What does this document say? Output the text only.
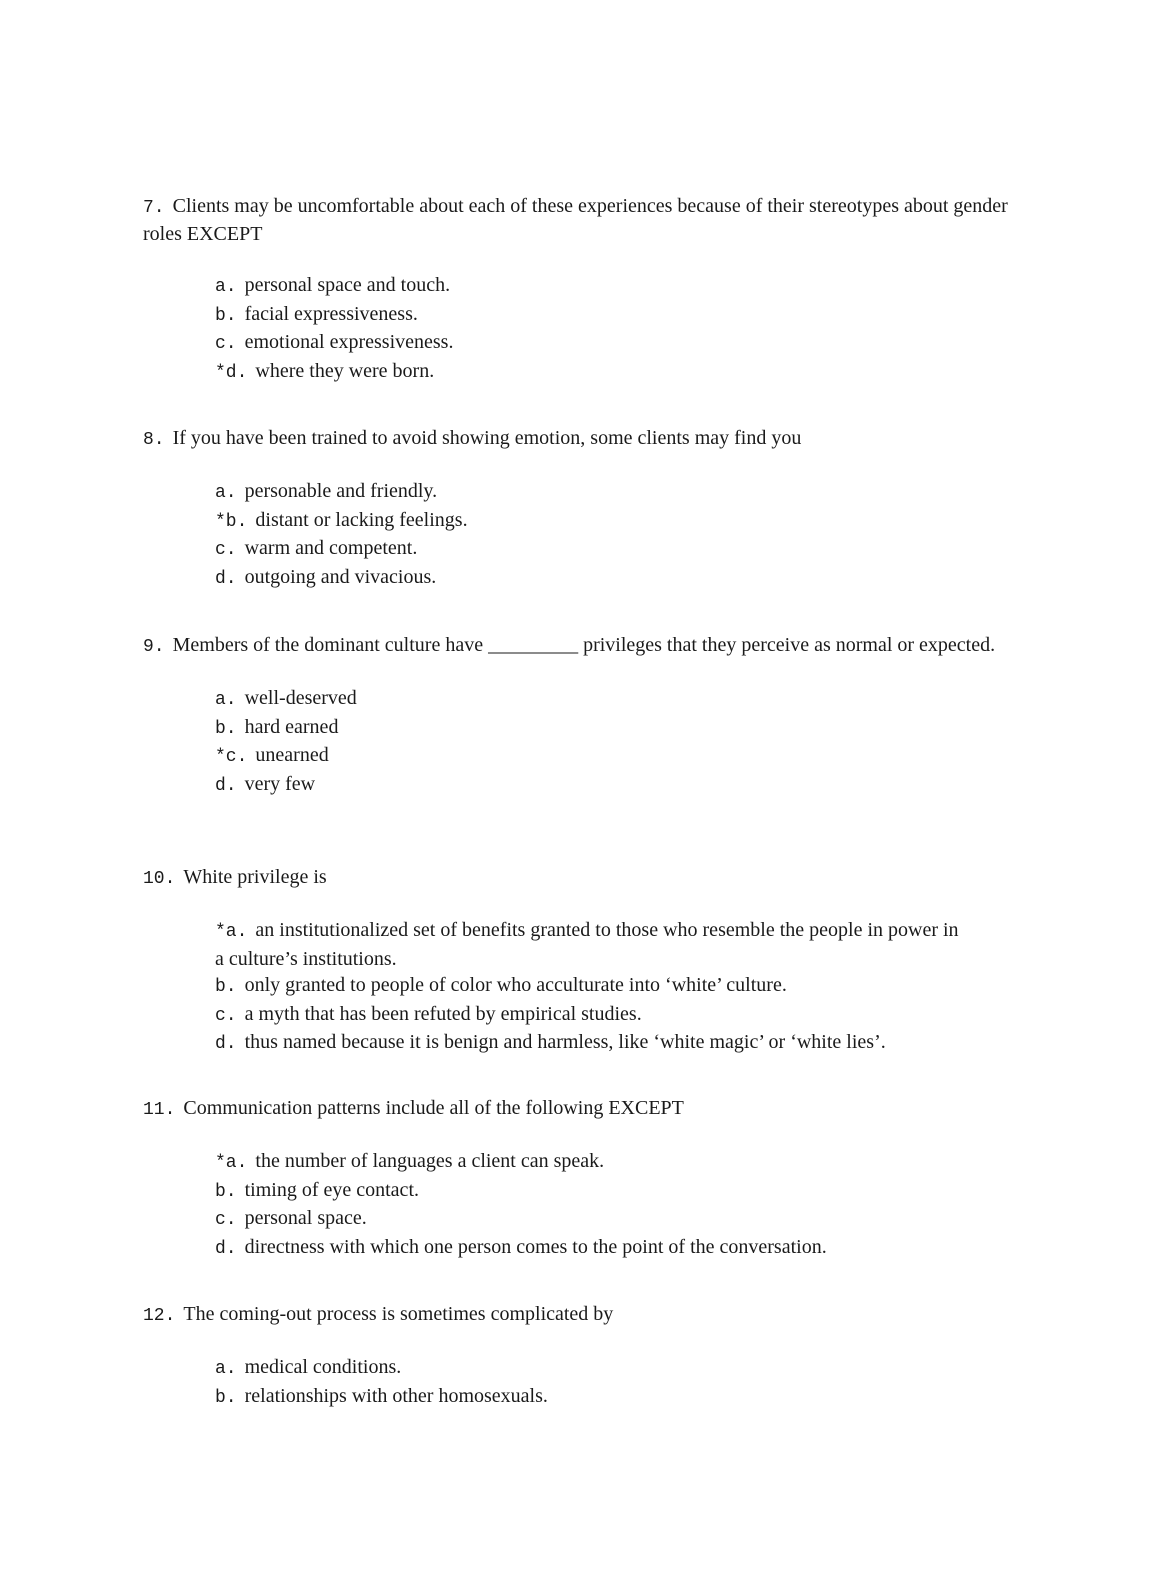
7. Clients may be uncomfortable about each of these experiences because of their stereotypes about gender roles EXCEPT
a. personal space and touch.
b. facial expressiveness.
c. emotional expressiveness.
*d. where they were born.
8. If you have been trained to avoid showing emotion, some clients may find you
a. personable and friendly.
*b. distant or lacking feelings.
c. warm and competent.
d. outgoing and vivacious.
9. Members of the dominant culture have _________ privileges that they perceive as normal or expected.
a. well-deserved
b. hard earned
*c. unearned
d. very few
10. White privilege is
*a. an institutionalized set of benefits granted to those who resemble the people in power in a culture’s institutions.
b. only granted to people of color who acculturate into ‘white’ culture.
c. a myth that has been refuted by empirical studies.
d. thus named because it is benign and harmless, like ‘white magic’ or ‘white lies’.
11. Communication patterns include all of the following EXCEPT
*a. the number of languages a client can speak.
b. timing of eye contact.
c. personal space.
d. directness with which one person comes to the point of the conversation.
12. The coming-out process is sometimes complicated by
a. medical conditions.
b. relationships with other homosexuals.
